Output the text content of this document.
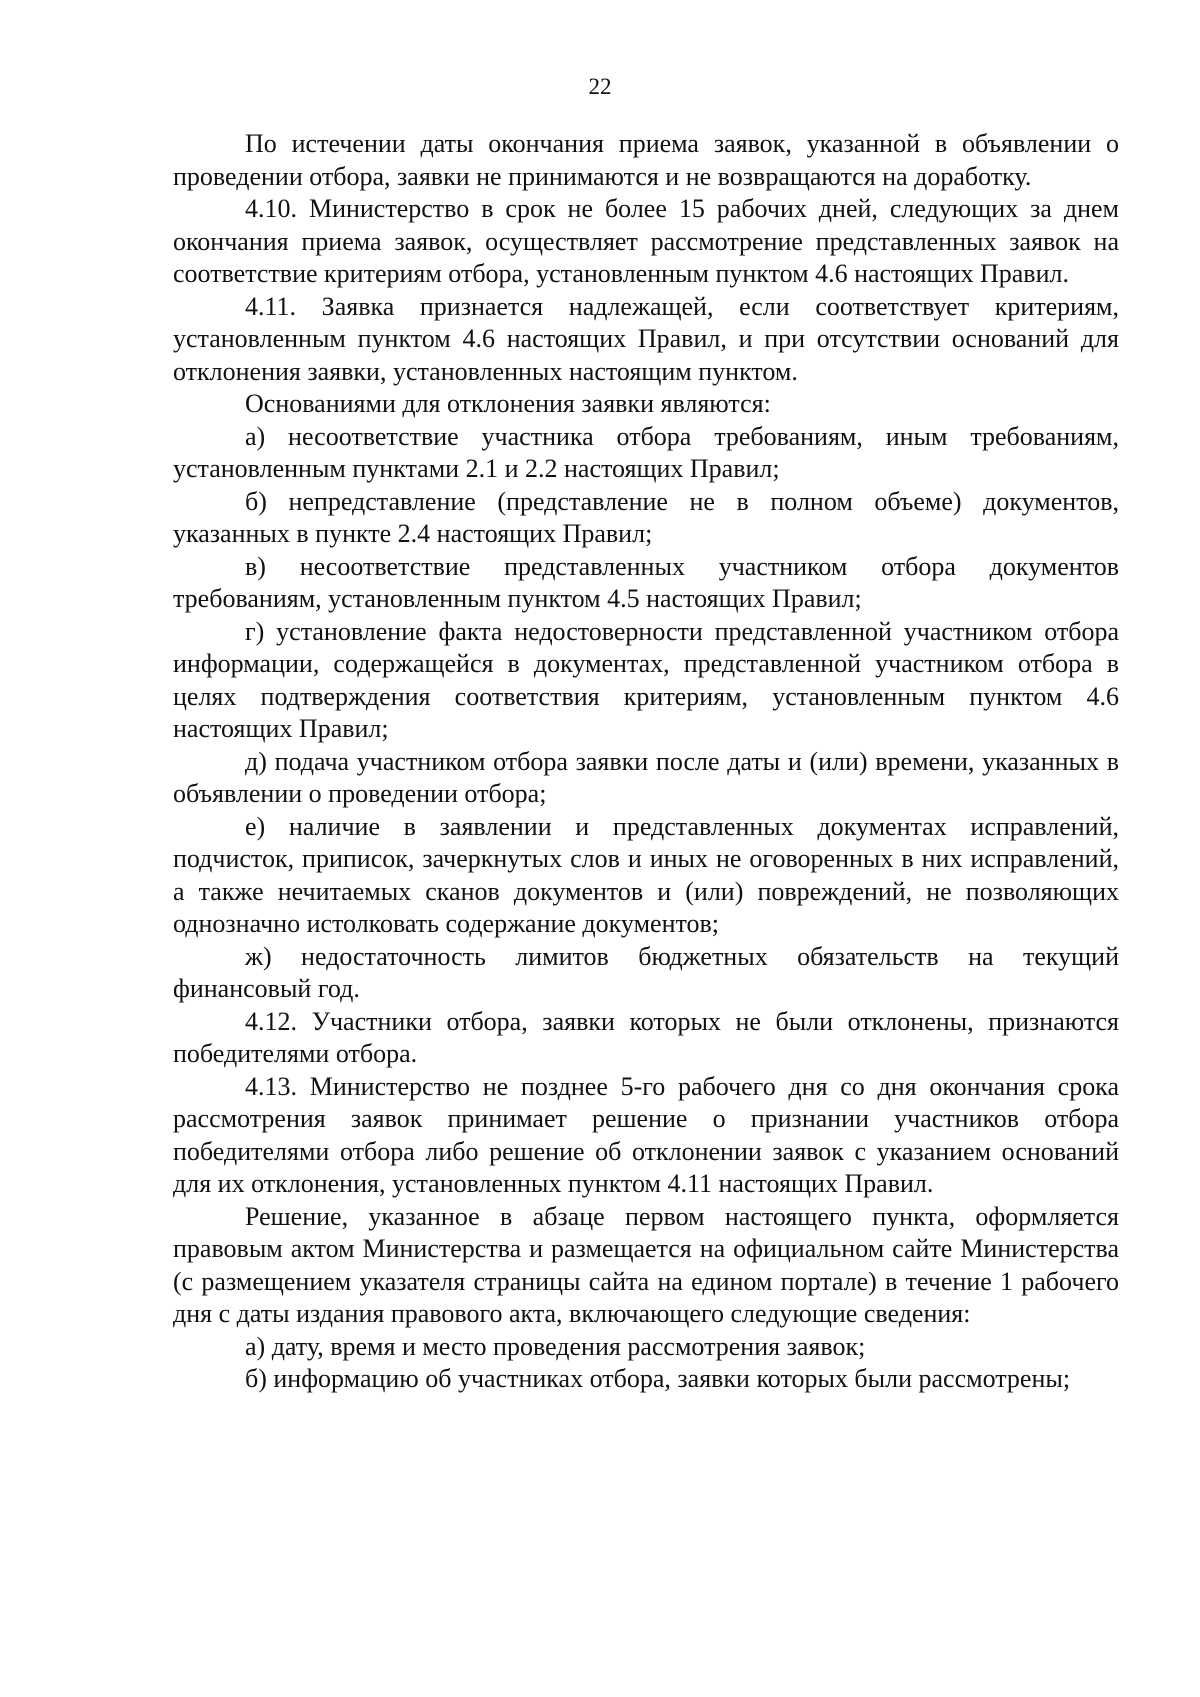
22

По истечении даты окончания приема заявок, указанной в объявлении о проведении отбора, заявки не принимаются и не возвращаются на доработку.

4.10. Министерство в срок не более 15 рабочих дней, следующих за днем окончания приема заявок, осуществляет рассмотрение представленных заявок на соответствие критериям отбора, установленным пунктом 4.6 настоящих Правил.

4.11. Заявка признается надлежащей, если соответствует критериям, установленным пунктом 4.6 настоящих Правил, и при отсутствии оснований для отклонения заявки, установленных настоящим пунктом.

Основаниями для отклонения заявки являются:

а) несоответствие участника отбора требованиям, иным требованиям, установленным пунктами 2.1 и 2.2 настоящих Правил;

б) непредставление (представление не в полном объеме) документов, указанных в пункте 2.4 настоящих Правил;

в) несоответствие представленных участником отбора документов требованиям, установленным пунктом 4.5 настоящих Правил;

г) установление факта недостоверности представленной участником отбора информации, содержащейся в документах, представленной участником отбора в целях подтверждения соответствия критериям, установленным пунктом 4.6 настоящих Правил;

д) подача участником отбора заявки после даты и (или) времени, указанных в объявлении о проведении отбора;

е) наличие в заявлении и представленных документах исправлений, подчисток, приписок, зачеркнутых слов и иных не оговоренных в них исправлений, а также нечитаемых сканов документов и (или) повреждений, не позволяющих однозначно истолковать содержание документов;

ж) недостаточность лимитов бюджетных обязательств на текущий финансовый год.

4.12. Участники отбора, заявки которых не были отклонены, признаются победителями отбора.

4.13. Министерство не позднее 5-го рабочего дня со дня окончания срока рассмотрения заявок принимает решение о признании участников отбора победителями отбора либо решение об отклонении заявок с указанием оснований для их отклонения, установленных пунктом 4.11 настоящих Правил.

Решение, указанное в абзаце первом настоящего пункта, оформляется правовым актом Министерства и размещается на официальном сайте Министерства (с размещением указателя страницы сайта на едином портале) в течение 1 рабочего дня с даты издания правового акта, включающего следующие сведения:

а) дату, время и место проведения рассмотрения заявок;

б) информацию об участниках отбора, заявки которых были рассмотрены;
